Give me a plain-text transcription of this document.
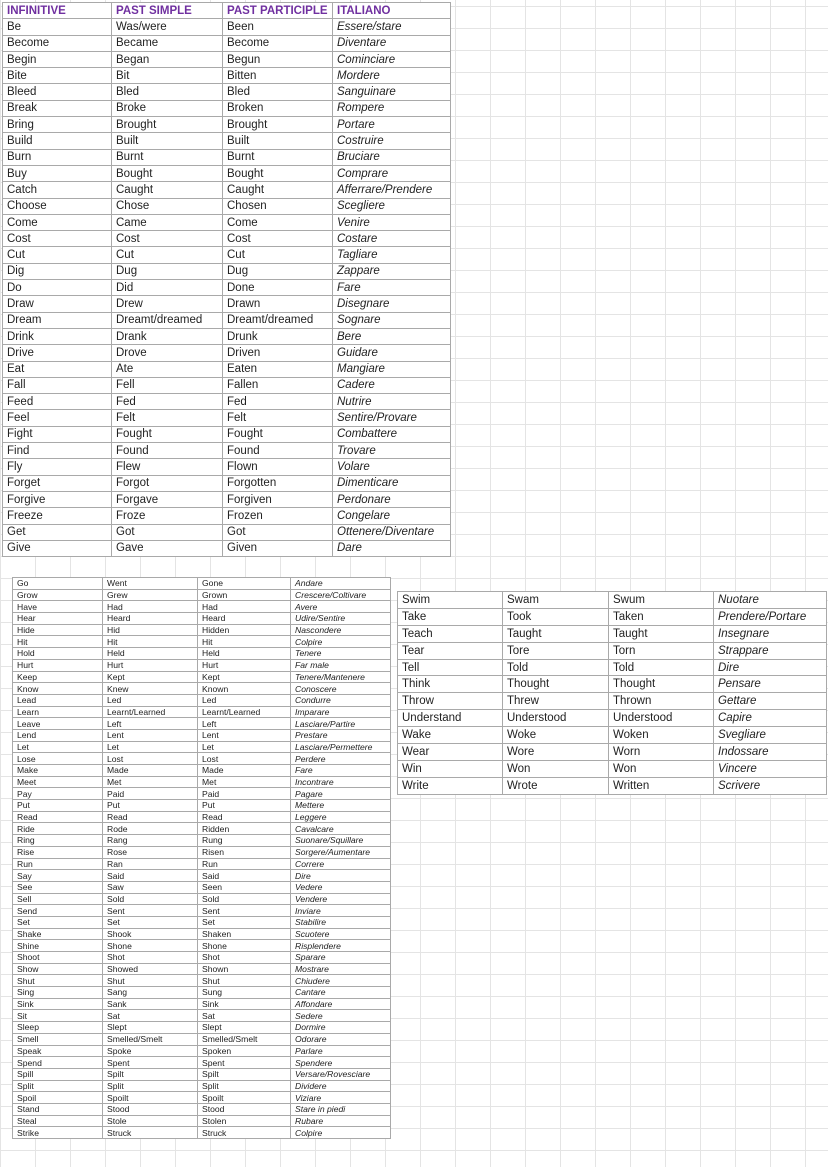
INFINITIVE	PAST SIMPLE	PAST PARTICIPLE	ITALIANO
Be	Was/were	Been	Essere/stare
Become	Became	Become	Diventare
Begin	Began	Begun	Cominciare
Bite	Bit	Bitten	Mordere
Bleed	Bled	Bled	Sanguinare
Break	Broke	Broken	Rompere
Bring	Brought	Brought	Portare
Build	Built	Built	Costruire
Burn	Burnt	Burnt	Bruciare
Buy	Bought	Bought	Comprare
Catch	Caught	Caught	Afferrare/Prendere
Choose	Chose	Chosen	Scegliere
Come	Came	Come	Venire
Cost	Cost	Cost	Costare
Cut	Cut	Cut	Tagliare
Dig	Dug	Dug	Zappare
Do	Did	Done	Fare
Draw	Drew	Drawn	Disegnare
Dream	Dreamt/dreamed	Dreamt/dreamed	Sognare
Drink	Drank	Drunk	Bere
Drive	Drove	Driven	Guidare
Eat	Ate	Eaten	Mangiare
Fall	Fell	Fallen	Cadere
Feed	Fed	Fed	Nutrire
Feel	Felt	Felt	Sentire/Provare
Fight	Fought	Fought	Combattere
Find	Found	Found	Trovare
Fly	Flew	Flown	Volare
Forget	Forgot	Forgotten	Dimenticare
Forgive	Forgave	Forgiven	Perdonare
Freeze	Froze	Frozen	Congelare
Get	Got	Got	Ottenere/Diventare
Give	Gave	Given	Dare
Go	Went	Gone	Andare
Grow	Grew	Grown	Crescere/Coltivare
Have	Had	Had	Avere
Hear	Heard	Heard	Udire/Sentire
Hide	Hid	Hidden	Nascondere
Hit	Hit	Hit	Colpire
Hold	Held	Held	Tenere
Hurt	Hurt	Hurt	Far male
Keep	Kept	Kept	Tenere/Mantenere
Know	Knew	Known	Conoscere
Lead	Led	Led	Condurre
Learn	Learnt/Learned	Learnt/Learned	Imparare
Leave	Left	Left	Lasciare/Partire
Lend	Lent	Lent	Prestare
Let	Let	Let	Lasciare/Permettere
Lose	Lost	Lost	Perdere
Make	Made	Made	Fare
Meet	Met	Met	Incontrare
Pay	Paid	Paid	Pagare
Put	Put	Put	Mettere
Read	Read	Read	Leggere
Ride	Rode	Ridden	Cavalcare
Ring	Rang	Rung	Suonare/Squillare
Rise	Rose	Risen	Sorgere/Aumentare
Run	Ran	Run	Correre
Say	Said	Said	Dire
See	Saw	Seen	Vedere
Sell	Sold	Sold	Vendere
Send	Sent	Sent	Inviare
Set	Set	Set	Stabilire
Shake	Shook	Shaken	Scuotere
Shine	Shone	Shone	Risplendere
Shoot	Shot	Shot	Sparare
Show	Showed	Shown	Mostrare
Shut	Shut	Shut	Chiudere
Sing	Sang	Sung	Cantare
Sink	Sank	Sink	Affondare
Sit	Sat	Sat	Sedere
Sleep	Slept	Slept	Dormire
Smell	Smelled/Smelt	Smelled/Smelt	Odorare
Speak	Spoke	Spoken	Parlare
Spend	Spent	Spent	Spendere
Spill	Spilt	Spilt	Versare/Rovesciare
Split	Split	Split	Dividere
Spoil	Spoilt	Spoilt	Viziare
Stand	Stood	Stood	Stare in piedi
Steal	Stole	Stolen	Rubare
Strike	Struck	Struck	Colpire
Swim	Swam	Swum	Nuotare
Take	Took	Taken	Prendere/Portare
Teach	Taught	Taught	Insegnare
Tear	Tore	Torn	Strappare
Tell	Told	Told	Dire
Think	Thought	Thought	Pensare
Throw	Threw	Thrown	Gettare
Understand	Understood	Understood	Capire
Wake	Woke	Woken	Svegliare
Wear	Wore	Worn	Indossare
Win	Won	Won	Vincere
Write	Wrote	Written	Scrivere
